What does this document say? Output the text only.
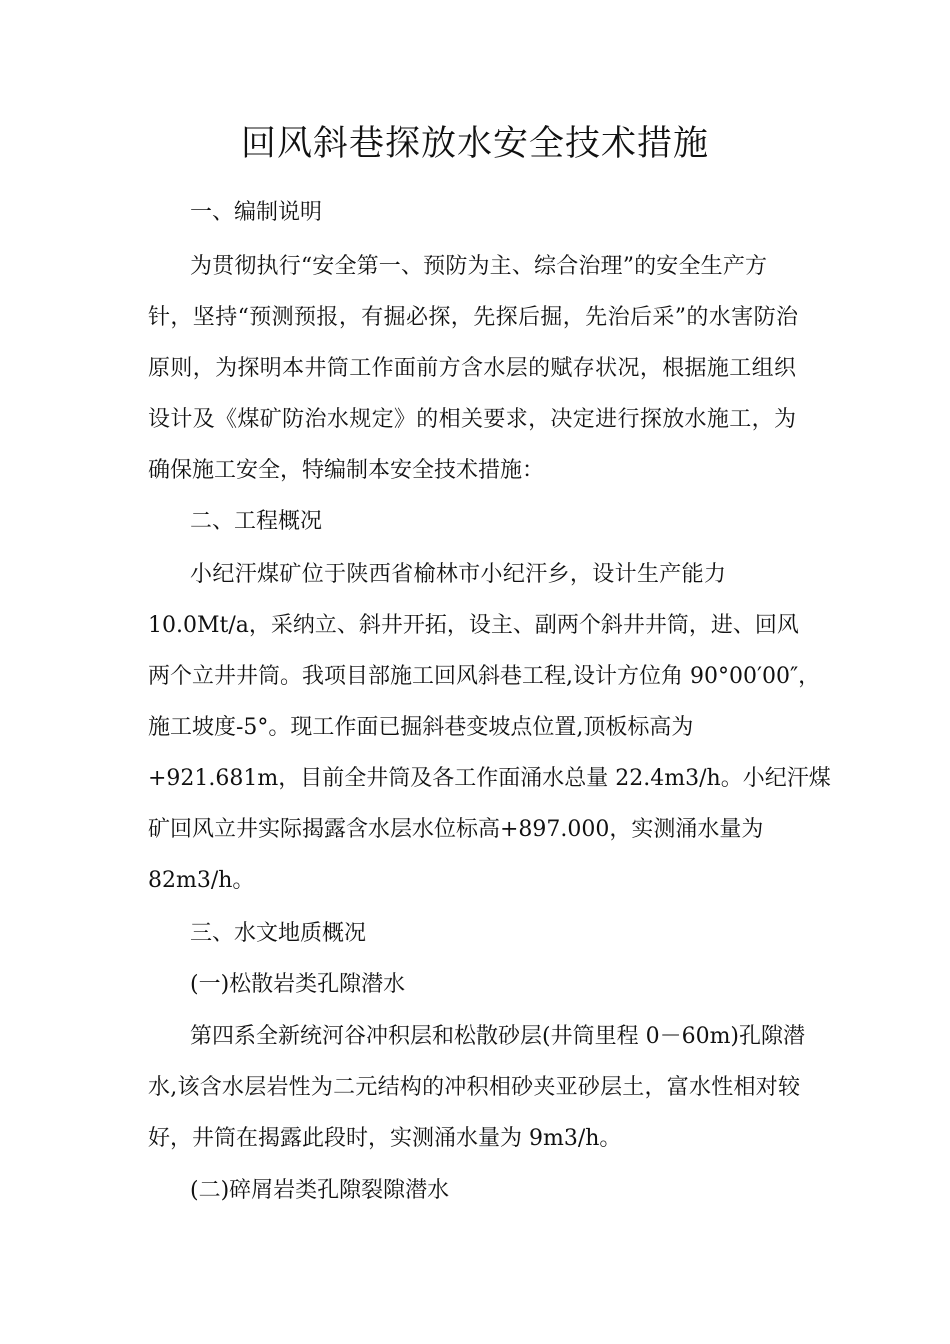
回风斜巷探放水安全技术措施

一、编制说明

为贯彻执行“安全第一、预防为主、综合治理”的安全生产方

针，坚持“预测预报，有掘必探，先探后掘，先治后采”的水害防治

原则，为探明本井筒工作面前方含水层的赋存状况，根据施工组织

设计及《煤矿防治水规定》的相关要求，决定进行探放水施工，为

确保施工安全，特编制本安全技术措施：

二、工程概况

小纪汗煤矿位于陕西省榆林市小纪汗乡，设计生产能力

10.0Mt/a，采纳立、斜井开拓，设主、副两个斜井井筒，进、回风

两个立井井筒。我项目部施工回风斜巷工程,设计方位角 90°00′00″，

施工坡度-5°。现工作面已掘斜巷变坡点位置,顶板标高为

+921.681m，目前全井筒及各工作面涌水总量 22.4m3/h。小纪汗煤

矿回风立井实际揭露含水层水位标高+897.000，实测涌水量为

82m3/h。

三、水文地质概况

(一)松散岩类孔隙潜水

第四系全新统河谷冲积层和松散砂层(井筒里程 0－60m)孔隙潜

水,该含水层岩性为二元结构的冲积相砂夹亚砂层土，富水性相对较

好，井筒在揭露此段时，实测涌水量为 9m3/h。

(二)碎屑岩类孔隙裂隙潜水
